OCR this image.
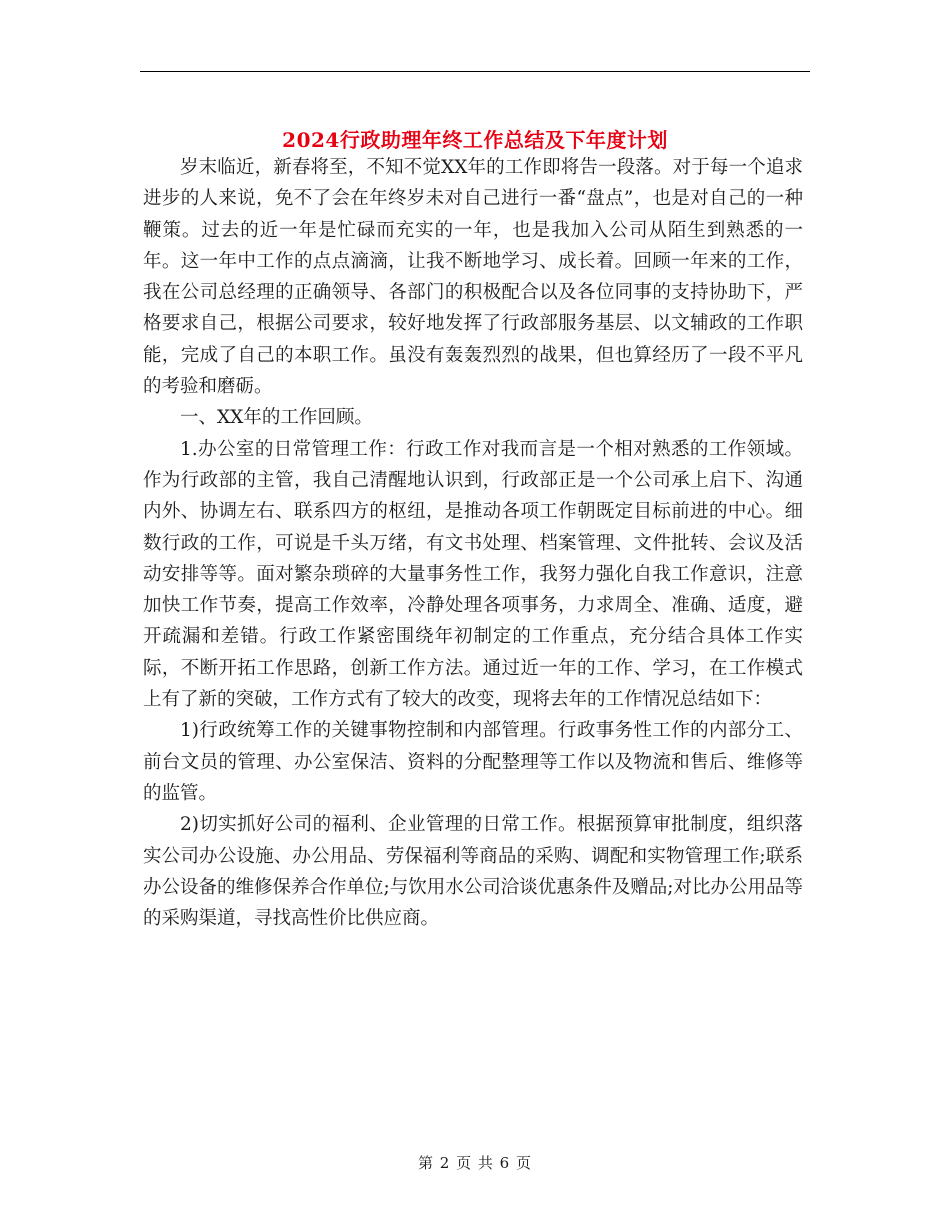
2024行政助理年终工作总结及下年度计划

岁末临近，新春将至，不知不觉XX年的工作即将告一段落。对于每一个追求进步的人来说，免不了会在年终岁未对自己进行一番“盘点”，也是对自己的一种鞭策。过去的近一年是忙碌而充实的一年，也是我加入公司从陌生到熟悉的一年。这一年中工作的点点滴滴，让我不断地学习、成长着。回顾一年来的工作，我在公司总经理的正确领导、各部门的积极配合以及各位同事的支持协助下，严格要求自己，根据公司要求，较好地发挥了行政部服务基层、以文辅政的工作职能，完成了自己的本职工作。虽没有轰轰烈烈的战果，但也算经历了一段不平凡的考验和磨砺。

一、XX年的工作回顾。

1.办公室的日常管理工作：行政工作对我而言是一个相对熟悉的工作领域。作为行政部的主管，我自己清醒地认识到，行政部正是一个公司承上启下、沟通内外、协调左右、联系四方的枢纽，是推动各项工作朝既定目标前进的中心。细数行政的工作，可说是千头万绪，有文书处理、档案管理、文件批转、会议及活动安排等等。面对繁杂琐碎的大量事务性工作，我努力强化自我工作意识，注意加快工作节奏，提高工作效率，冷静处理各项事务，力求周全、准确、适度，避开疏漏和差错。行政工作紧密围绕年初制定的工作重点，充分结合具体工作实际，不断开拓工作思路，创新工作方法。通过近一年的工作、学习，在工作模式上有了新的突破，工作方式有了较大的改变，现将去年的工作情况总结如下：

1)行政统筹工作的关键事物控制和内部管理。行政事务性工作的内部分工、前台文员的管理、办公室保洁、资料的分配整理等工作以及物流和售后、维修等的监管。

2)切实抓好公司的福利、企业管理的日常工作。根据预算审批制度，组织落实公司办公设施、办公用品、劳保福利等商品的采购、调配和实物管理工作;联系办公设备的维修保养合作单位;与饮用水公司洽谈优惠条件及赠品;对比办公用品等的采购渠道，寻找高性价比供应商。

第 2 页 共 6 页
